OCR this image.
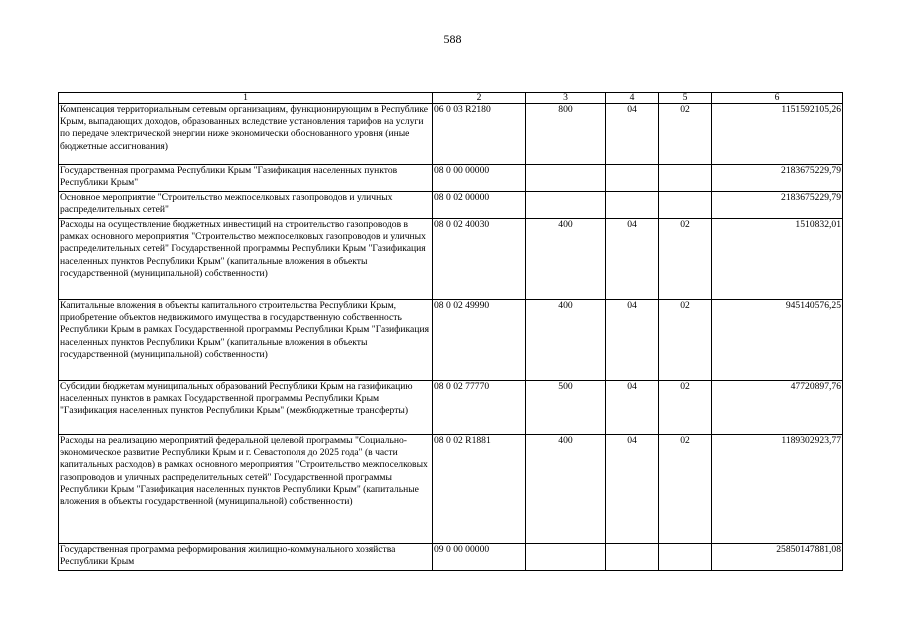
588
1	2	3	4	5	6
Компенсация территориальным сетевым организациям, функционирующим в Республике Крым, выпадающих доходов, образованных вследствие установления тарифов на услуги по передаче электрической энергии ниже экономически обоснованного уровня (иные бюджетные ассигнования)	06 0 03 R2180	800	04	02	1151592105,26
Государственная программа Республики Крым "Газификация населенных пунктов Республики Крым"	08 0 00 00000				2183675229,79
Основное мероприятие "Строительство межпоселковых газопроводов и уличных распределительных сетей"	08 0 02 00000				2183675229,79
Расходы на осуществление бюджетных инвестиций на строительство газопроводов в рамках основного мероприятия "Строительство межпоселковых газопроводов и уличных распределительных сетей" Государственной программы Республики Крым "Газификация населенных пунктов Республики Крым" (капитальные вложения в объекты государственной (муниципальной) собственности)	08 0 02 40030	400	04	02	1510832,01
Капитальные вложения в объекты капитального строительства Республики Крым, приобретение объектов недвижимого имущества в государственную собственность Республики Крым в рамках Государственной программы Республики Крым "Газификация населенных пунктов Республики Крым" (капитальные вложения в объекты государственной (муниципальной) собственности)	08 0 02 49990	400	04	02	945140576,25
Субсидии бюджетам муниципальных образований Республики Крым на газификацию населенных пунктов в рамках Государственной программы Республики Крым "Газификация населенных пунктов Республики Крым" (межбюджетные трансферты)	08 0 02 77770	500	04	02	47720897,76
Расходы на реализацию мероприятий федеральной целевой программы "Социально-экономическое развитие Республики Крым и г. Севастополя до 2025 года" (в части капитальных расходов) в рамках основного мероприятия "Строительство межпоселковых газопроводов и уличных распределительных сетей" Государственной программы Республики Крым "Газификация населенных пунктов Республики Крым" (капитальные вложения в объекты государственной (муниципальной) собственности)	08 0 02 R1881	400	04	02	1189302923,77
Государственная программа реформирования жилищно-коммунального хозяйства Республики Крым	09 0 00 00000				25850147881,08
